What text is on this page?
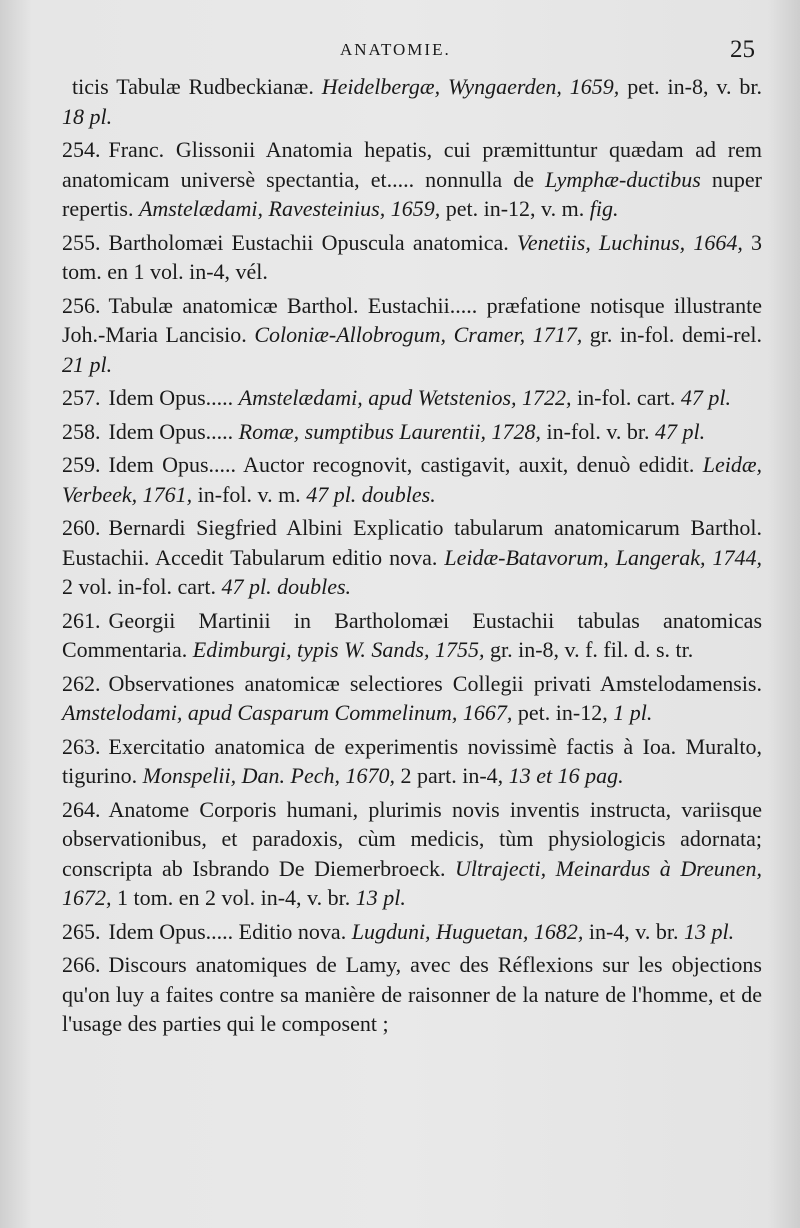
ANATOMIE.	25
ticis Tabulæ Rudbeckianæ. Heidelbergæ, Wyngaerden, 1659, pet. in-8, v. br. 18 pl.
254. Franc. Glissonii Anatomia hepatis, cui præmittuntur quædam ad rem anatomicam universè spectantia, et..... nonnulla de Lymphæ-ductibus nuper repertis. Amstelædami, Ravesteinius, 1659, pet. in-12, v. m. fig.
255. Bartholomæi Eustachii Opuscula anatomica. Venetiis, Luchinus, 1664, 3 tom. en 1 vol. in-4, vél.
256. Tabulæ anatomicæ Barthol. Eustachii..... præfatione notisque illustrante Joh.-Maria Lancisio. Coloniæ-Allobrogum, Cramer, 1717, gr. in-fol. demi-rel. 21 pl.
257. Idem Opus..... Amstelædami, apud Wetstenios, 1722, in-fol. cart. 47 pl.
258. Idem Opus..... Romæ, sumptibus Laurentii, 1728, in-fol. v. br. 47 pl.
259. Idem Opus..... Auctor recognovit, castigavit, auxit, denuò edidit. Leidæ, Verbeek, 1761, in-fol. v. m. 47 pl. doubles.
260. Bernardi Siegfried Albini Explicatio tabularum anatomicarum Barthol. Eustachii. Accedit Tabularum editio nova. Leidæ-Batavorum, Langerak, 1744, 2 vol. in-fol. cart. 47 pl. doubles.
261. Georgii Martinii in Bartholomæi Eustachii tabulas anatomicas Commentaria. Edimburgi, typis W. Sands, 1755, gr. in-8, v. f. fil. d. s. tr.
262. Observationes anatomicæ selectiores Collegii privati Amstelodamensis. Amstelodami, apud Casparum Commelinum, 1667, pet. in-12, 1 pl.
263. Exercitatio anatomica de experimentis novissimè factis à Ioa. Muralto, tigurino. Monspelii, Dan. Pech, 1670, 2 part. in-4, 13 et 16 pag.
264. Anatome Corporis humani, plurimis novis inventis instructa, variisque observationibus, et paradoxis, cùm medicis, tùm physiologicis adornata; conscripta ab Isbrando De Diemerbroeck. Ultrajecti, Meinardus à Dreunen, 1672, 1 tom. en 2 vol. in-4, v. br. 13 pl.
265. Idem Opus..... Editio nova. Lugduni, Huguetan, 1682, in-4, v. br. 13 pl.
266. Discours anatomiques de Lamy, avec des Réflexions sur les objections qu'on luy a faites contre sa manière de raisonner de la nature de l'homme, et de l'usage des parties qui le composent ;
